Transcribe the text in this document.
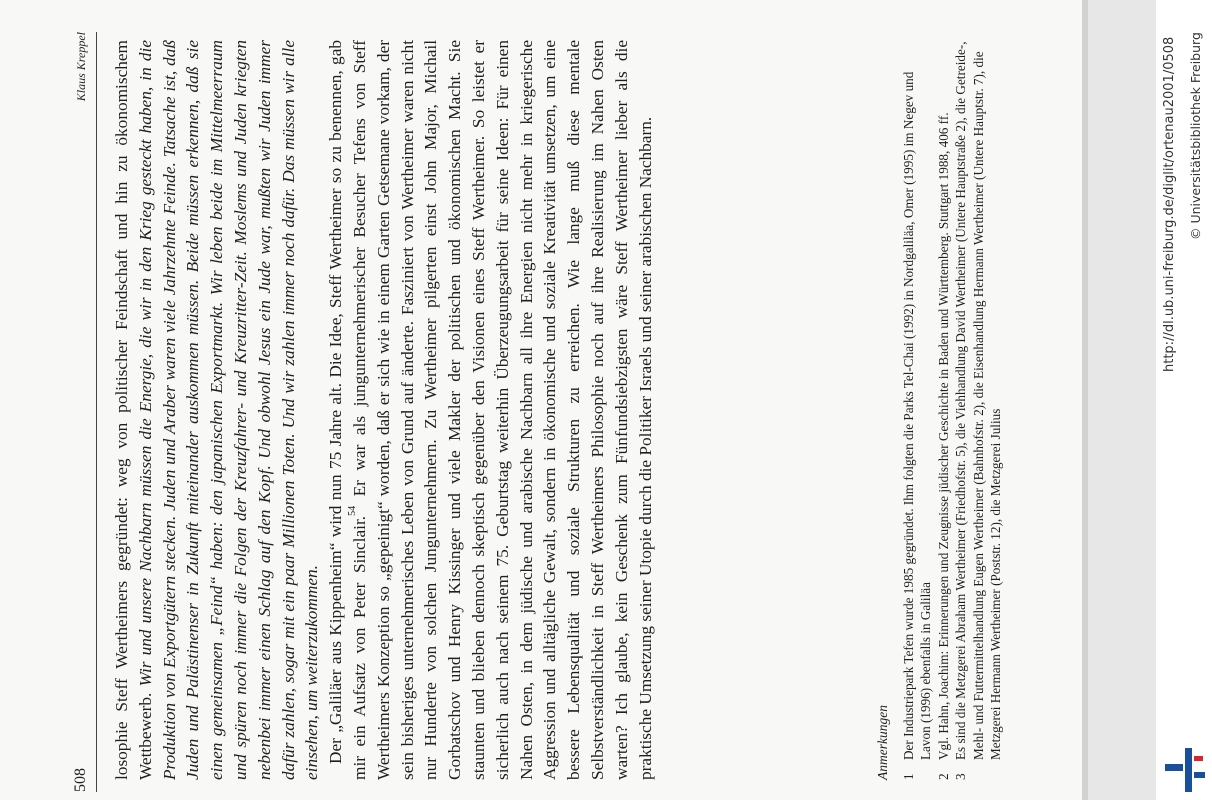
508
Klaus Kreppel losophie Steff Wertheimers gegründet: weg von politischer Feindschaft und hin zu ökonomischem Wettbewerb. Wir und unsere Nachbarn müssen die Energie, die wir in den Krieg gesteckt haben, in die Produktion von Exportgütern stecken. Juden und Araber waren viele Jahrzehnte Feinde. Tatsache ist, daß Juden und Palästinenser in Zukunft miteinander auskommen müssen. Beide müssen erkennen, daß sie einen gemeinsamen „Feind“ haben: den japanischen Exportmarkt. Wir leben beide im Mittelmeerraum und spüren noch immer die Folgen der Kreuzfahrer- und Kreuzritter-Zeit. Moslems und Juden kriegten nebenbei immer einen Schlag auf den Kopf. Und obwohl Jesus ein Jude war, mußten wir Juden immer dafür zahlen, sogar mit ein paar Millionen Toten. Und wir zahlen immer noch dafür. Das müssen wir alle einsehen, um weiterzukommen. Der „Galiläer aus Kippenheim“ wird nun 75 Jahre alt. Die Idee, Steff Wertheimer so zu benennen, gab mir ein Aufsatz von Peter Sinclair.$^{54}$ Er war als jungunternehmerischer Besucher Tefens von Steff Wertheimers Konzeption so „gepeinigt“ worden, daß er sich wie in einem Garten Getsemane vorkam, der sein bisheriges unternehmerisches Leben von Grund auf änderte. Fasziniert von Wertheimer waren nicht nur Hunderte von solchen Jungunternehmern. Zu Wertheimer pilgerten einst John Major, Michail Gorbatschov und Henry Kissinger und viele Makler der politischen und ökonomischen Macht. Sie staunten und blieben dennoch skeptisch gegenüber den Visionen eines Steff Wertheimer. So leistet er sicherlich auch nach seinem 75. Geburtstag weiterhin Überzeugungsarbeit für seine Ideen: Für einen Nahen Osten, in dem jüdische und arabische Nachbarn all ihre Energien nicht mehr in kriegerische Aggression und alltägliche Gewalt, sondern in ökonomische und soziale Kreativität umsetzen, um eine bessere Lebensqualität und soziale Strukturen zu erreichen. Wie lange muß diese mentale Selbstverständlichkeit in Steff Wertheimers Philosophie noch auf ihre Realisierung im Nahen Osten warten? Ich glaube, kein Geschenk zum Fünfundsiebzigsten wäre Steff Wertheimer lieber als die praktische Umsetzung seiner Utopie durch die Politiker Israels und seiner arabischen Nachbarn.	Anmerkungen 1
Der Industriepark Tefen wurde 1985 gegründet. Ihm folgten die Parks Tel-Chai (1992) in Nordgaliläa, Omer (1995) im Negev und Lavon (1996) ebenfalls in Galiläa

2
Vgl. Hahn, Joachim: Erinnerungen und Zeugnisse jüdischer Geschichte in Baden und Württemberg. Stuttgart 1988, 406 ff.

3
Es sind die Metzgerei Abraham Wertheimer (Friedhofstr. 5), die Viehhandlung David Wertheimer (Untere Hauptstraße 2), die Getreide-, Mehl- und Futtermittelhandlung Eugen Wertheimer (Bahnhofstr. 2), die Eisenhandlung Hermann Wertheimer (Untere Hauptstr. 7), die Metzgerei Hermann Wertheimer (Poststr. 12), die Metzgerei Julius

http://dl.ub.uni-freiburg.de/diglit/ortenau2001/0508 © Universitätsbibliothek Freiburg
